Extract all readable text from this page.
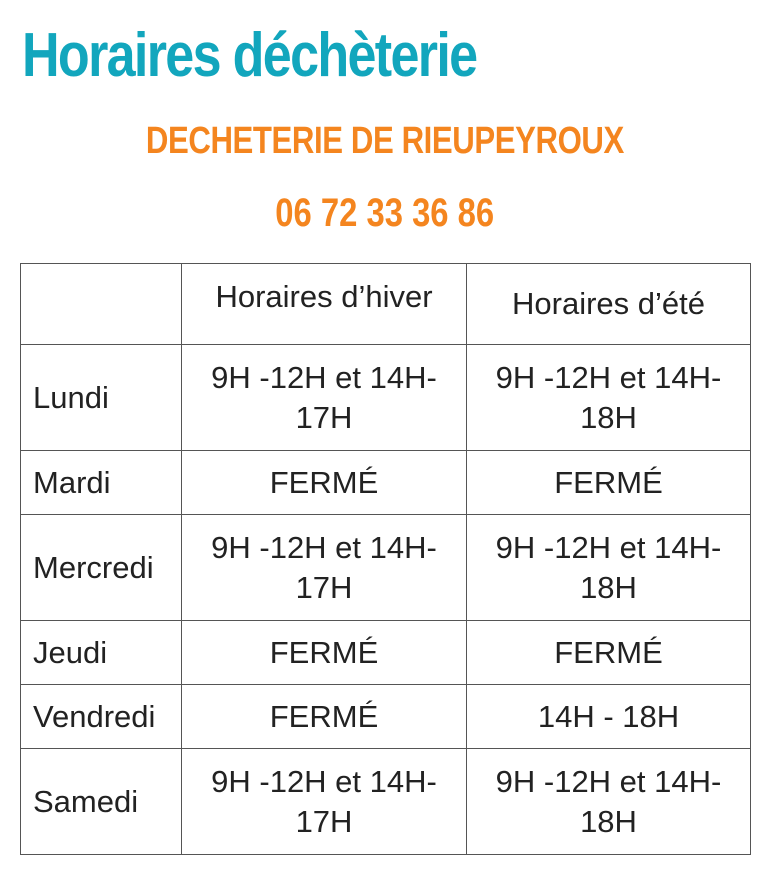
Horaires déchèterie
DECHETERIE DE RIEUPEYROUX
06 72 33 36 86
	Horaires d’hiver	Horaires d’été
Lundi	9H -12H et 14H- 17H	9H -12H et 14H- 18H
Mardi	FERMÉ	FERMÉ
Mercredi	9H -12H et 14H- 17H	9H -12H et 14H- 18H
Jeudi	FERMÉ	FERMÉ
Vendredi	FERMÉ	14H - 18H
Samedi	9H -12H et 14H- 17H	9H -12H et 14H- 18H
